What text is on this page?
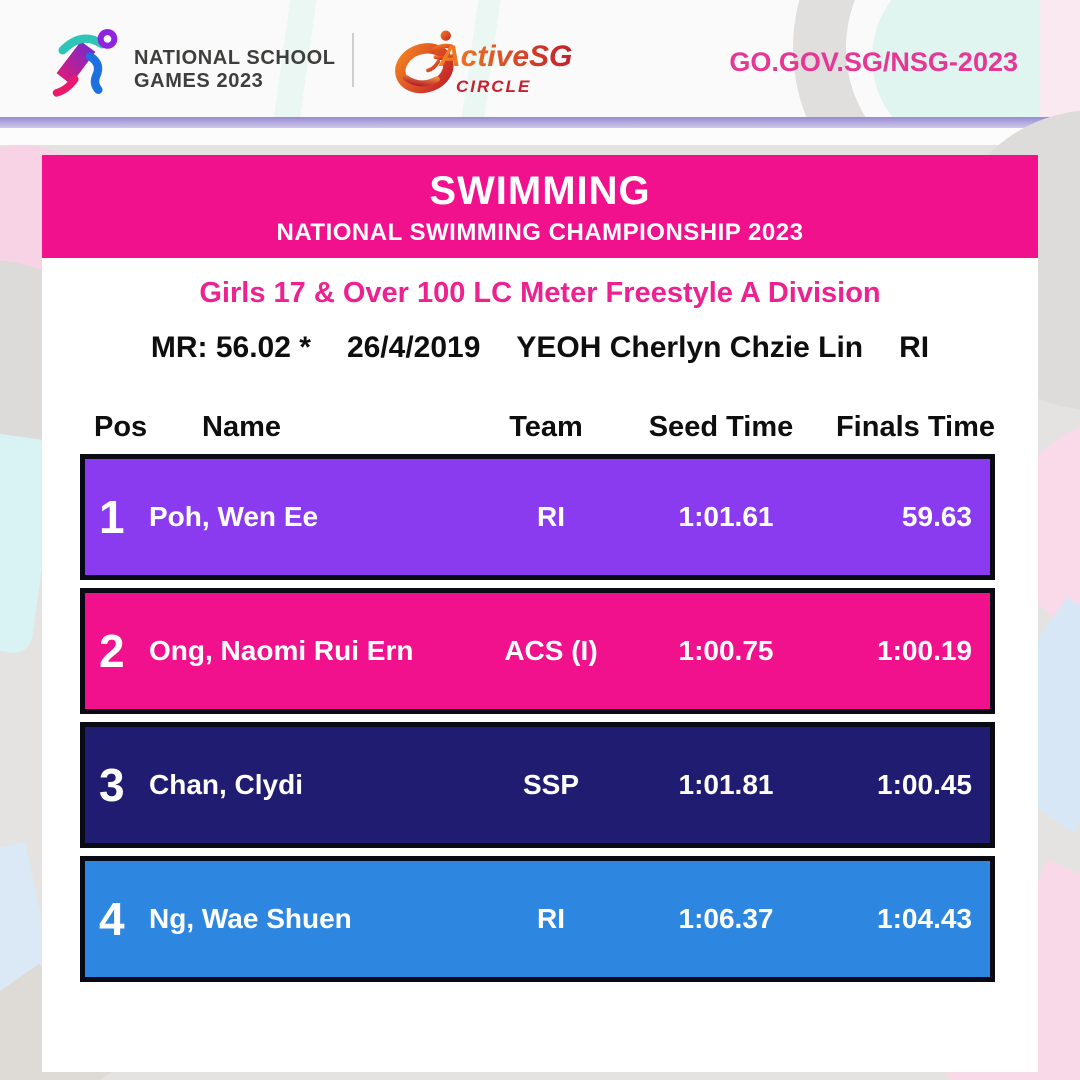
NATIONAL SCHOOL
GAMES 2023
ActiveSG
CIRCLE
GO.GOV.SG/NSG-2023
SWIMMING
NATIONAL SWIMMING CHAMPIONSHIP 2023
Girls 17 & Over 100 LC Meter Freestyle A Division
MR: 56.02 * 26/4/2019 YEOH Cherlyn Chzie Lin RI
Pos	Name	Team	Seed Time	Finals Time
1 Poh, Wen Ee	RI	1:01.61	59.63
2 Ong, Naomi Rui Ern	ACS (I)	1:00.75	1:00.19
3 Chan, Clydi	SSP	1:01.81	1:00.45
4 Ng, Wae Shuen	RI	1:06.37	1:04.43
